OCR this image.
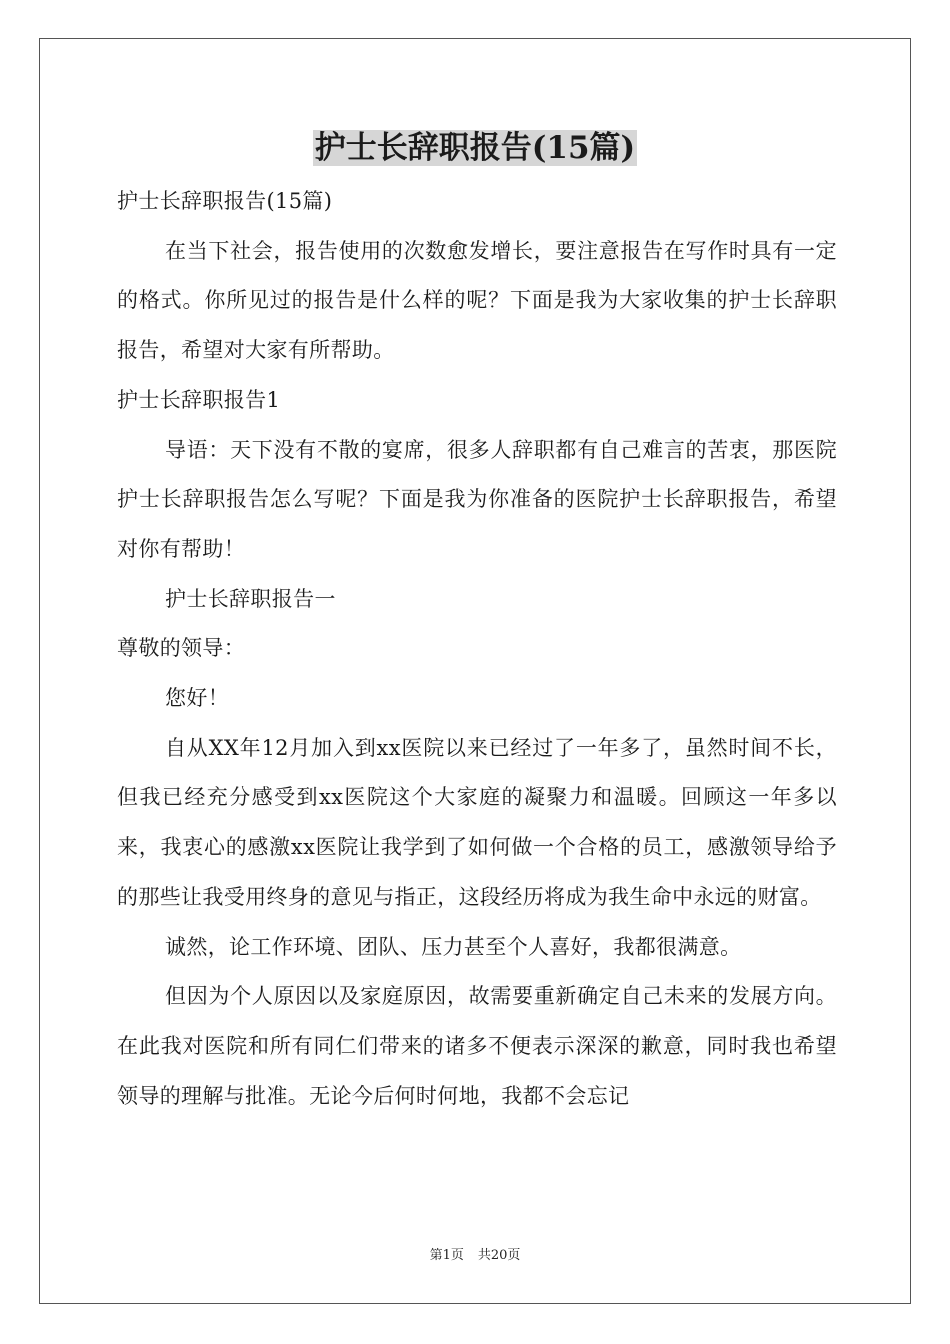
护士长辞职报告(15篇)

护士长辞职报告(15篇)

在当下社会，报告使用的次数愈发增长，要注意报告在写作时具有一定的格式。你所见过的报告是什么样的呢？下面是我为大家收集的护士长辞职报告，希望对大家有所帮助。

护士长辞职报告1

导语：天下没有不散的宴席，很多人辞职都有自己难言的苦衷，那医院护士长辞职报告怎么写呢？下面是我为你准备的医院护士长辞职报告，希望对你有帮助！

护士长辞职报告一

尊敬的领导：

您好！

自从XX年12月加入到xx医院以来已经过了一年多了，虽然时间不长，但我已经充分感受到xx医院这个大家庭的凝聚力和温暖。回顾这一年多以来，我衷心的感激xx医院让我学到了如何做一个合格的员工，感激领导给予的那些让我受用终身的意见与指正，这段经历将成为我生命中永远的财富。

诚然，论工作环境、团队、压力甚至个人喜好，我都很满意。

但因为个人原因以及家庭原因，故需要重新确定自己未来的发展方向。在此我对医院和所有同仁们带来的诸多不便表示深深的歉意，同时我也希望领导的理解与批准。无论今后何时何地，我都不会忘记

第1页 共20页
